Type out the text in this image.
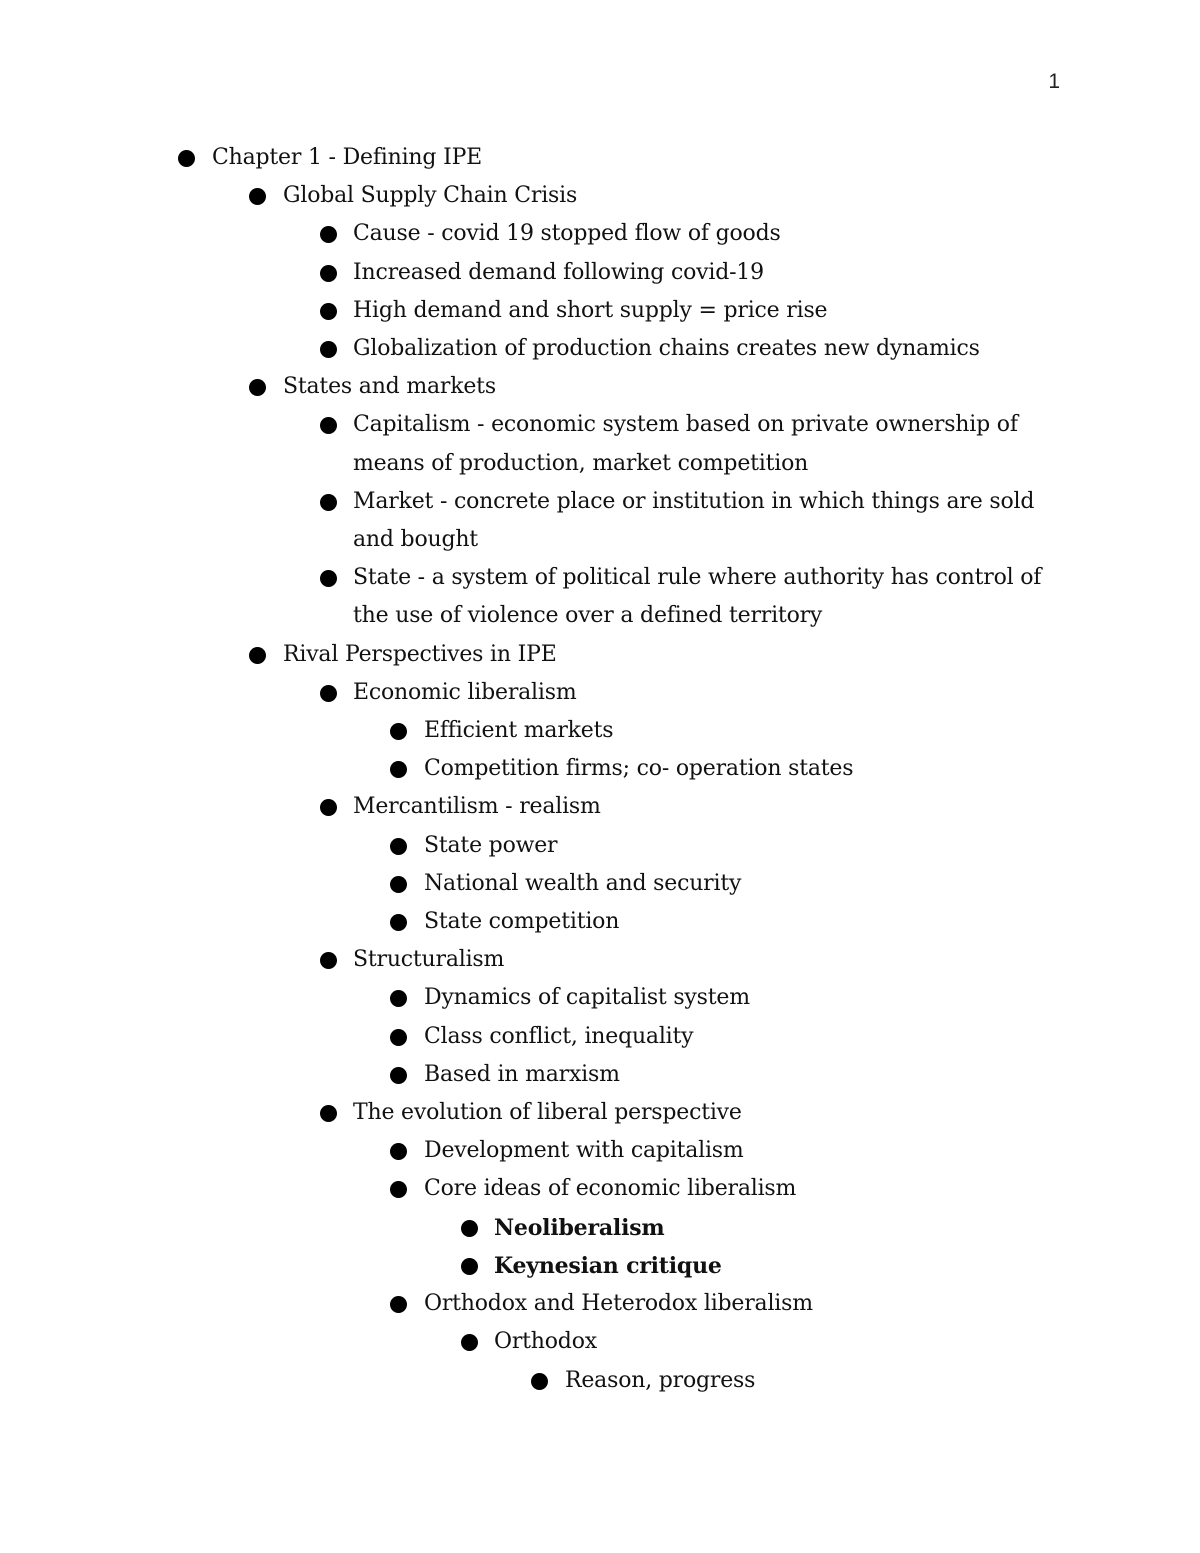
1
Chapter 1 - Defining IPE
Global Supply Chain Crisis
Cause - covid 19 stopped flow of goods
Increased demand following covid-19
High demand and short supply = price rise
Globalization of production chains creates new dynamics
States and markets
Capitalism - economic system based on private ownership of means of production, market competition
Market - concrete place or institution in which things are sold and bought
State - a system of political rule where authority has control of the use of violence over a defined territory
Rival Perspectives in IPE
Economic liberalism
Efficient markets
Competition firms; co- operation states
Mercantilism - realism
State power
National wealth and security
State competition
Structuralism
Dynamics of capitalist system
Class conflict, inequality
Based in marxism
The evolution of liberal perspective
Development with capitalism
Core ideas of economic liberalism
Neoliberalism
Keynesian critique
Orthodox and Heterodox liberalism
Orthodox
Reason, progress
